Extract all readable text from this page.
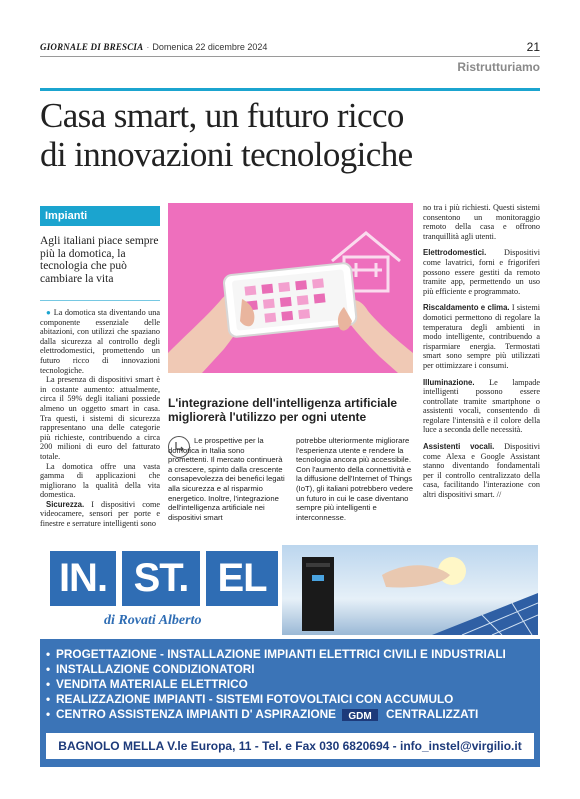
GIORNALE DI BRESCIA · Domenica 22 dicembre 2024	21
Ristrutturiamo
Casa smart, un futuro ricco
di innovazioni tecnologiche
Impianti
Agli italiani piace sempre più la domotica, la tecnologia che può cambiare la vita

● La domotica sta diventando una componente essenziale delle abitazioni, con utilizzi che spaziano dalla sicurezza al controllo degli elettrodomestici, promettendo un futuro ricco di innovazioni tecnologiche.

La presenza di dispositivi smart è in costante aumento: attualmente, circa il 59% degli italiani possiede almeno un oggetto smart in casa. Tra questi, i sistemi di sicurezza rappresentano una delle categorie più richieste, contribuendo a circa 200 milioni di euro del fatturato totale.

La domotica offre una vasta gamma di applicazioni che migliorano la qualità della vita domestica.

Sicurezza. I dispositivi come videocamere, sensori per porte e finestre e serrature intelligenti sono

L'integrazione dell'intelligenza artificiale migliorerà l'utilizzo per ogni utente
Le prospettive per la domotica in Italia sono promettenti. Il mercato continuerà a crescere, spinto dalla crescente consapevolezza dei benefici legati alla sicurezza e al risparmio energetico. Inoltre, l'integrazione dell'intelligenza artificiale nei dispositivi smart
potrebbe ulteriormente migliorare l'esperienza utente e rendere la tecnologia ancora più accessibile. Con l'aumento della connettività e la diffusione dell'Internet of Things (IoT), gli italiani potrebbero vedere un futuro in cui le case diventano sempre più intelligenti e interconnesse.

no tra i più richiesti. Questi sistemi consentono un monitoraggio remoto della casa e offrono tranquillità agli utenti.

Elettrodomestici. Dispositivi come lavatrici, forni e frigoriferi possono essere gestiti da remoto tramite app, permettendo un uso più efficiente e programmato.

Riscaldamento e clima. I sistemi domotici permettono di regolare la temperatura degli ambienti in modo intelligente, contribuendo a risparmiare energia. Termostati smart sono sempre più utilizzati per ottimizzare i consumi.

Illuminazione. Le lampade intelligenti possono essere controllate tramite smartphone o assistenti vocali, consentendo di regolare l'intensità e il colore della luce a seconda delle necessità.

Assistenti vocali. Dispositivi come Alexa e Google Assistant stanno diventando fondamentali per il controllo centralizzato della casa, facilitando l'interazione con altri dispositivi smart. //

IN. ST. EL
di Rovati Alberto
• PROGETTAZIONE - INSTALLAZIONE IMPIANTI ELETTRICI CIVILI E INDUSTRIALI
• INSTALLAZIONE CONDIZIONATORI
• VENDITA MATERIALE ELETTRICO
• REALIZZAZIONE IMPIANTI - SISTEMI FOTOVOLTAICI CON ACCUMULO
• CENTRO ASSISTENZA IMPIANTI D' ASPIRAZIONE GDM CENTRALIZZATI
BAGNOLO MELLA V.le Europa, 11 - Tel. e Fax 030 6820694 - info_instel@virgilio.it
